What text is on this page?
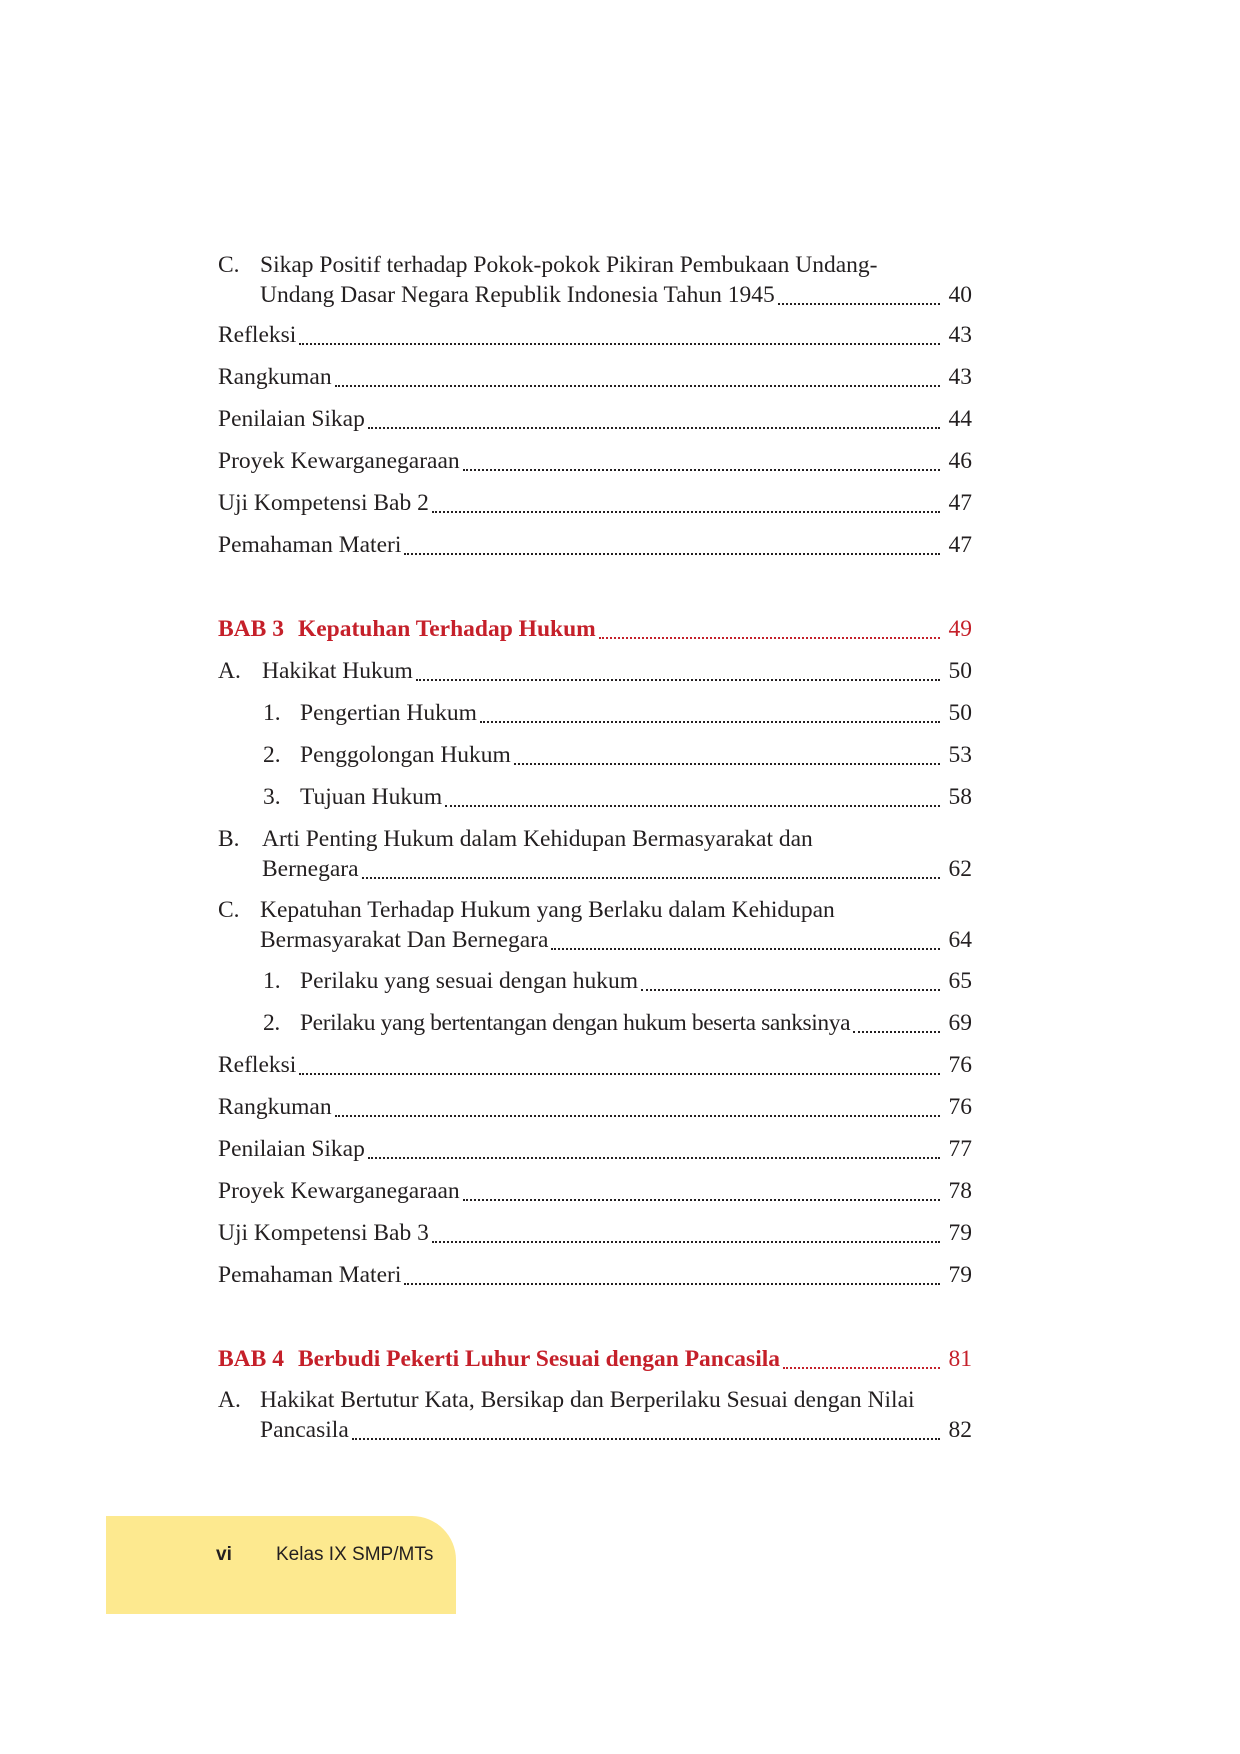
C. Sikap Positif terhadap Pokok-pokok Pikiran Pembukaan Undang-
Undang Dasar Negara Republik Indonesia Tahun 1945	40
Refleksi	43
Rangkuman	43
Penilaian Sikap	44
Proyek Kewarganegaraan	46
Uji Kompetensi Bab 2	47
Pemahaman Materi	47
BAB 3 Kepatuhan Terhadap Hukum	49
A. Hakikat Hukum	50
1. Pengertian Hukum	50
2. Penggolongan Hukum	53
3. Tujuan Hukum	58
B. Arti Penting Hukum dalam Kehidupan Bermasyarakat dan
Bernegara	62
C. Kepatuhan Terhadap Hukum yang Berlaku dalam Kehidupan
Bermasyarakat Dan Bernegara	64
1. Perilaku yang sesuai dengan hukum	65
2. Perilaku yang bertentangan dengan hukum beserta sanksinya	69
Refleksi	76
Rangkuman	76
Penilaian Sikap	77
Proyek Kewarganegaraan	78
Uji Kompetensi Bab 3	79
Pemahaman Materi	79
BAB 4 Berbudi Pekerti Luhur Sesuai dengan Pancasila	81
A. Hakikat Bertutur Kata, Bersikap dan Berperilaku Sesuai dengan Nilai
Pancasila	82
vi Kelas IX SMP/MTs
